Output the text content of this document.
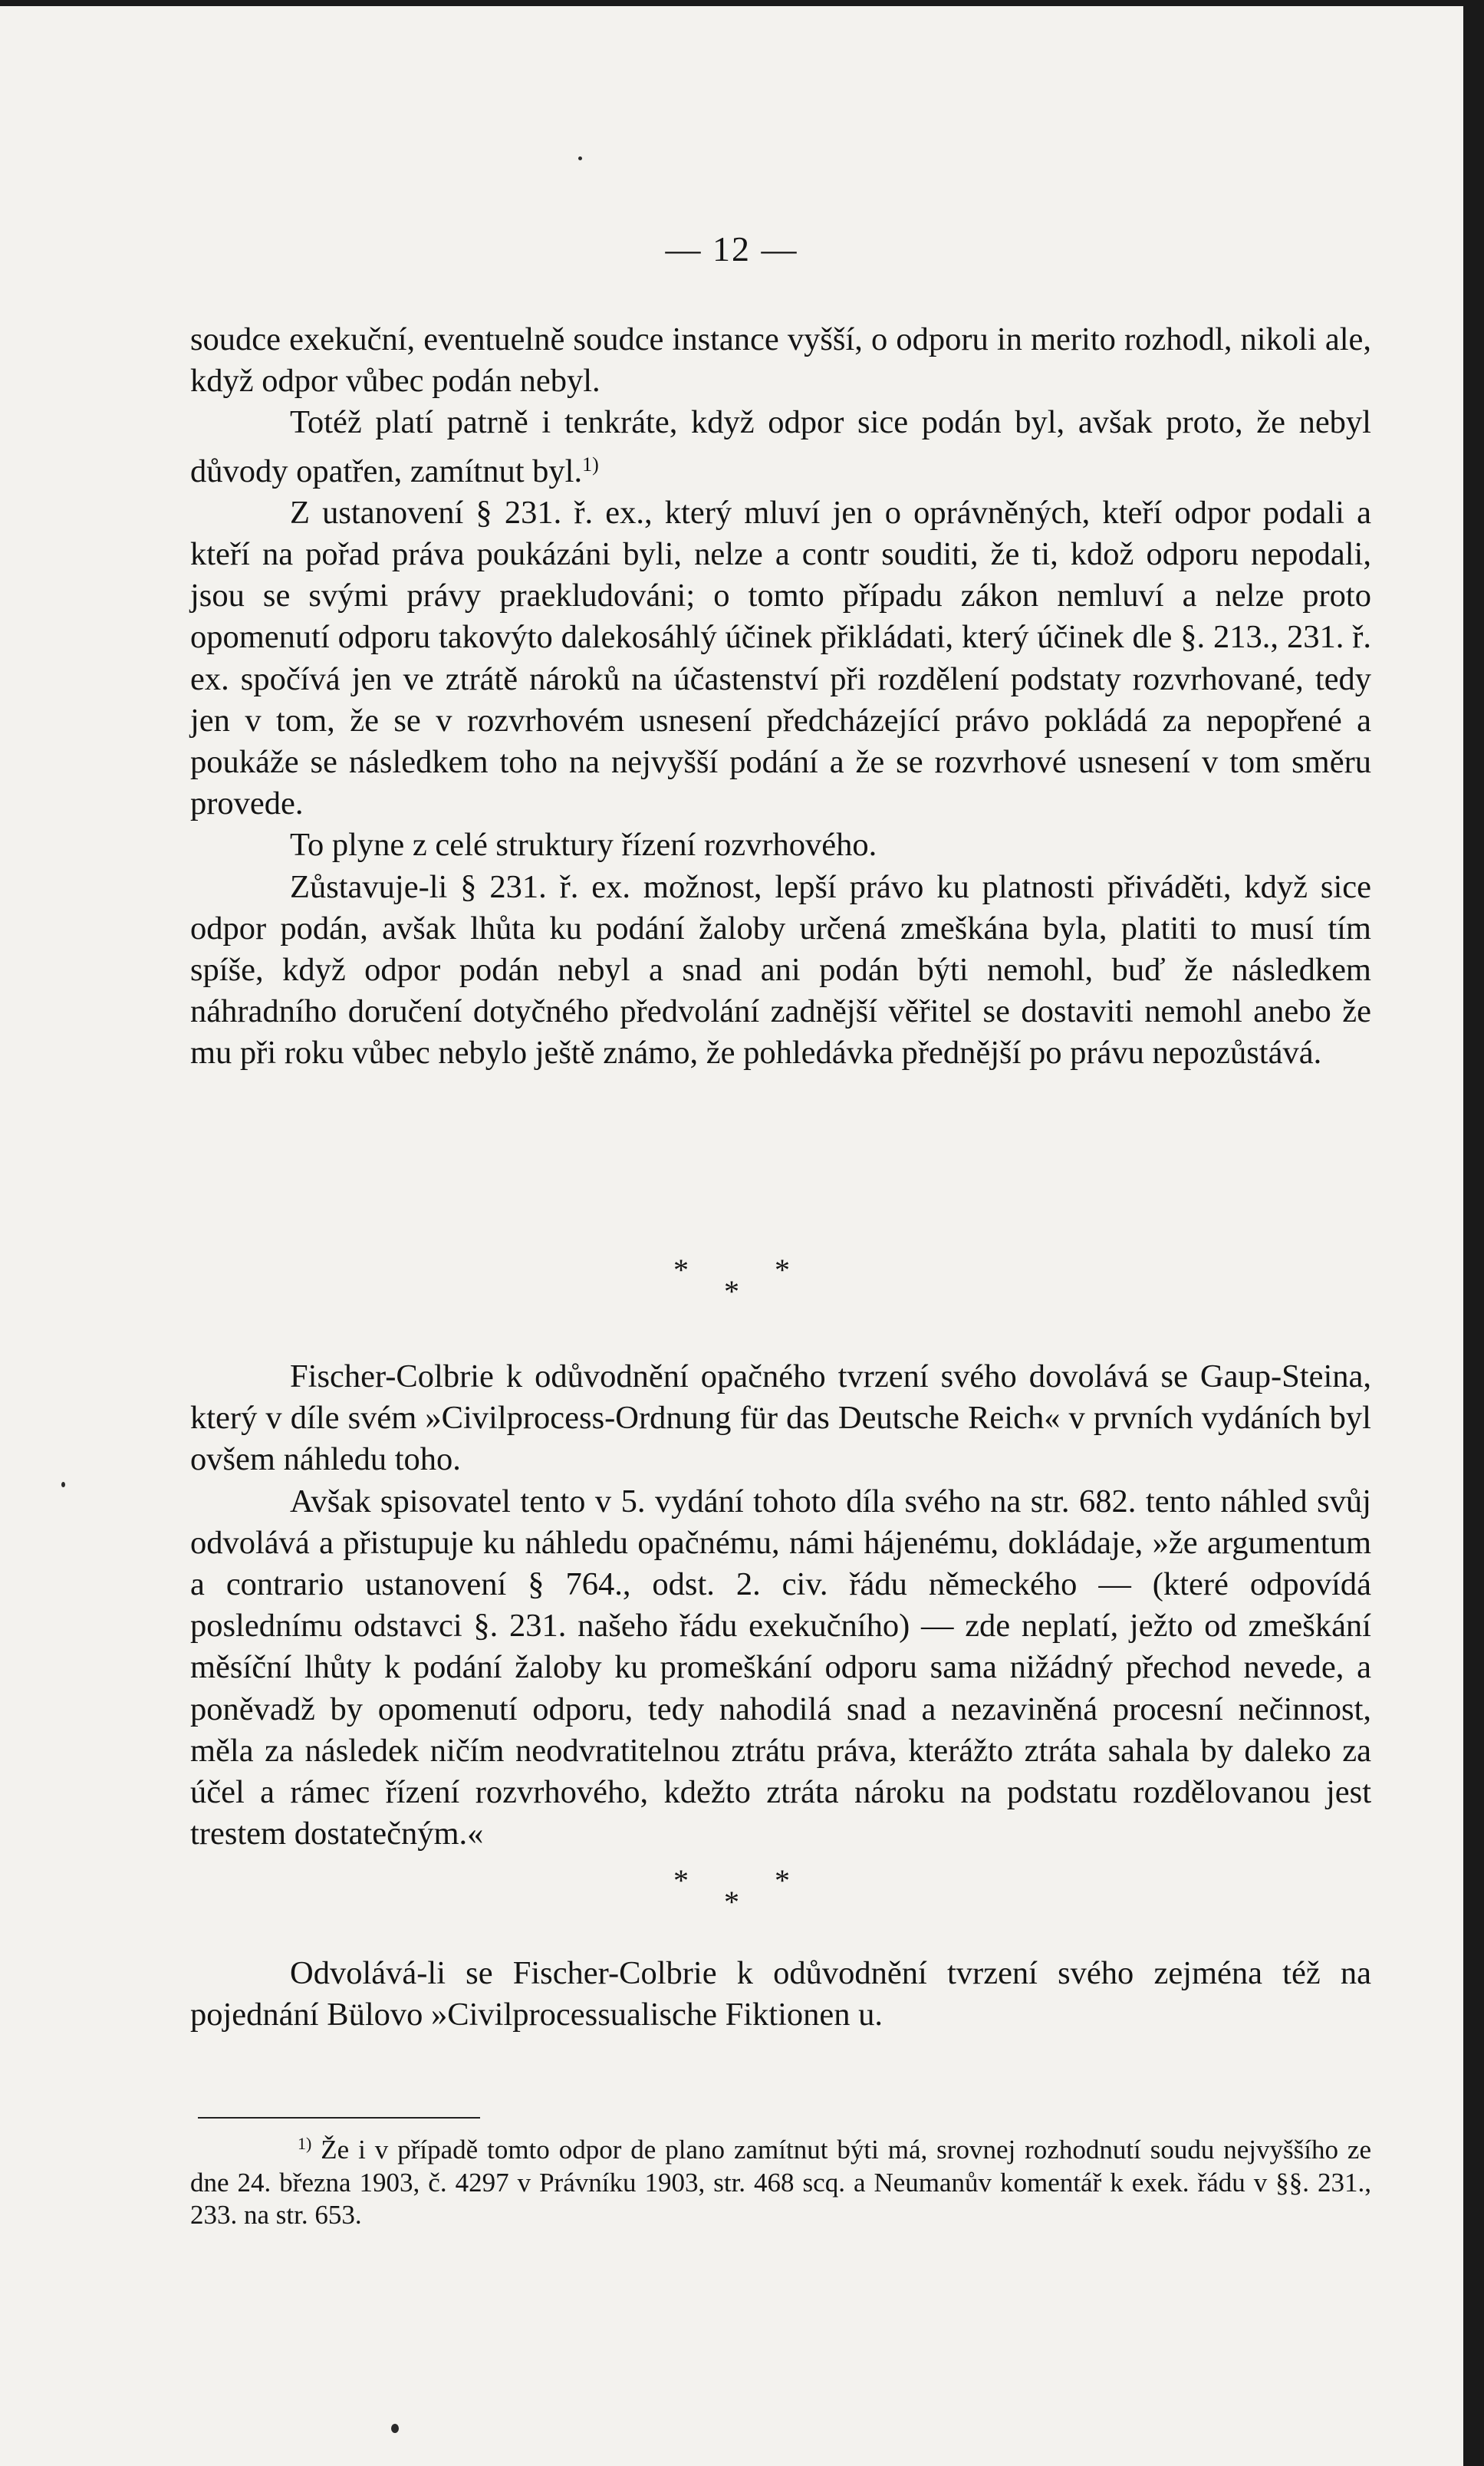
— 12 —

soudce exekuční, eventuelně soudce instance vyšší, o odporu in merito rozhodl, nikoli ale, když odpor vůbec podán nebyl.

Totéž platí patrně i tenkráte, když odpor sice podán byl, avšak proto, že nebyl důvody opatřen, zamítnut byl.$^{1)}$

Z ustanovení § 231. ř. ex., který mluví jen o oprávněných, kteří odpor podali a kteří na pořad práva poukázáni byli, nelze a contr souditi, že ti, kdož odporu nepodali, jsou se svými právy praekludováni; o tomto případu zákon nemluví a nelze proto opomenutí odporu takovýto dalekosáhlý účinek přikládati, který účinek dle §. 213., 231. ř. ex. spočívá jen ve ztrátě nároků na účastenství při rozdělení podstaty rozvrhované, tedy jen v tom, že se v rozvrhovém usnesení předcházející právo pokládá za nepopřené a poukáže se následkem toho na nejvyšší podání a že se rozvrhové usnesení v tom směru provede.

To plyne z celé struktury řízení rozvrhového.

Zůstavuje-li § 231. ř. ex. možnost, lepší právo ku platnosti přiváděti, když sice odpor podán, avšak lhůta ku podání žaloby určená zmeškána byla, platiti to musí tím spíše, když odpor podán nebyl a snad ani podán býti nemohl, buď že následkem náhradního doručení dotyčného předvolání zadnější věřitel se dostaviti nemohl anebo že mu při roku vůbec nebylo ještě známo, že pohledávka přednější po právu nepozůstává.

* * *

Fischer-Colbrie k odůvodnění opačného tvrzení svého dovolává se Gaup-Steina, který v díle svém »Civilprocess-Ordnung für das Deutsche Reich« v prvních vydáních byl ovšem náhledu toho.

Avšak spisovatel tento v 5. vydání tohoto díla svého na str. 682. tento náhled svůj odvolává a přistupuje ku náhledu opačnému, námi hájenému, dokládaje, »že argumentum a contrario ustanovení § 764., odst. 2. civ. řádu německého — (které odpovídá poslednímu odstavci §. 231. našeho řádu exekučního) — zde neplatí, ježto od zmeškání měsíční lhůty k podání žaloby ku promeškání odporu sama nižádný přechod nevede, a poněvadž by opomenutí odporu, tedy nahodilá snad a nezaviněná procesní nečinnost, měla za následek ničím neodvratitelnou ztrátu práva, kterážto ztráta sahala by daleko za účel a rámec řízení rozvrhového, kdežto ztráta nároku na podstatu rozdělovanou jest trestem dostatečným.«

* * *

Odvolává-li se Fischer-Colbrie k odůvodnění tvrzení svého zejména též na pojednání Bülovo »Civilprocessualische Fiktionen u.

$^{1)}$ Že i v případě tomto odpor de plano zamítnut býti má, srovnej rozhodnutí soudu nejvyššího ze dne 24. března 1903, č. 4297 v Právníku 1903, str. 468 scq. a Neumanův komentář k exek. řádu v §§. 231., 233. na str. 653.
